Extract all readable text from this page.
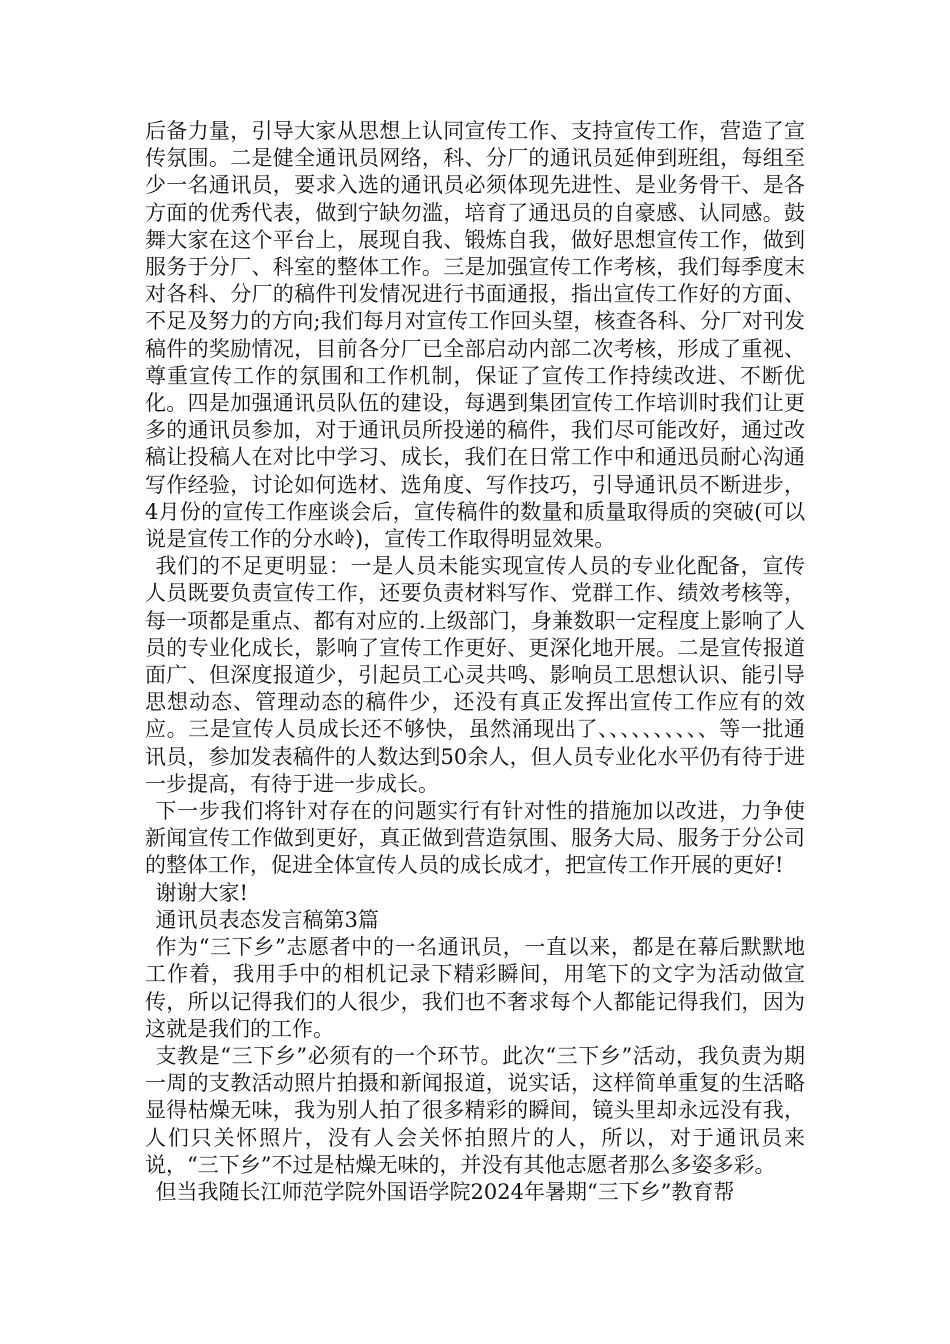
后备力量，引导大家从思想上认同宣传工作、支持宣传工作，营造了宣传氛围。二是健全通讯员网络，科、分厂的通讯员延伸到班组，每组至少一名通讯员，要求入选的通讯员必须体现先进性、是业务骨干、是各方面的优秀代表，做到宁缺勿滥，培育了通迅员的自豪感、认同感。鼓舞大家在这个平台上，展现自我、锻炼自我，做好思想宣传工作，做到服务于分厂、科室的整体工作。三是加强宣传工作考核，我们每季度末对各科、分厂的稿件刊发情况进行书面通报，指出宣传工作好的方面、不足及努力的方向;我们每月对宣传工作回头望，核查各科、分厂对刊发稿件的奖励情况，目前各分厂已全部启动内部二次考核，形成了重视、尊重宣传工作的氛围和工作机制，保证了宣传工作持续改进、不断优化。四是加强通讯员队伍的建设，每遇到集团宣传工作培训时我们让更多的通讯员参加，对于通讯员所投递的稿件，我们尽可能改好，通过改稿让投稿人在对比中学习、成长，我们在日常工作中和通迅员耐心沟通写作经验，讨论如何选材、选角度、写作技巧，引导通讯员不断进步，4月份的宣传工作座谈会后，宣传稿件的数量和质量取得质的突破(可以说是宣传工作的分水岭)，宣传工作取得明显效果。

我们的不足更明显：一是人员未能实现宣传人员的专业化配备，宣传人员既要负责宣传工作，还要负责材料写作、党群工作、绩效考核等，每一项都是重点、都有对应的.上级部门，身兼数职一定程度上影响了人员的专业化成长，影响了宣传工作更好、更深化地开展。二是宣传报道面广、但深度报道少，引起员工心灵共鸣、影响员工思想认识、能引导思想动态、管理动态的稿件少，还没有真正发挥出宣传工作应有的效应。三是宣传人员成长还不够快，虽然涌现出了、、、、、、、、、、等一批通讯员，参加发表稿件的人数达到50余人，但人员专业化水平仍有待于进一步提高，有待于进一步成长。

下一步我们将针对存在的问题实行有针对性的措施加以改进，力争使新闻宣传工作做到更好，真正做到营造氛围、服务大局、服务于分公司的整体工作，促进全体宣传人员的成长成才，把宣传工作开展的更好!

谢谢大家!

通讯员表态发言稿第3篇

作为“三下乡”志愿者中的一名通讯员，一直以来，都是在幕后默默地工作着，我用手中的相机记录下精彩瞬间，用笔下的文字为活动做宣传，所以记得我们的人很少，我们也不奢求每个人都能记得我们，因为这就是我们的工作。

支教是“三下乡”必须有的一个环节。此次“三下乡”活动，我负责为期一周的支教活动照片拍摄和新闻报道，说实话，这样简单重复的生活略显得枯燥无味，我为别人拍了很多精彩的瞬间，镜头里却永远没有我，人们只关怀照片，没有人会关怀拍照片的人，所以，对于通讯员来说，“三下乡”不过是枯燥无味的，并没有其他志愿者那么多姿多彩。

但当我随长江师范学院外国语学院2024年暑期“三下乡”教育帮
